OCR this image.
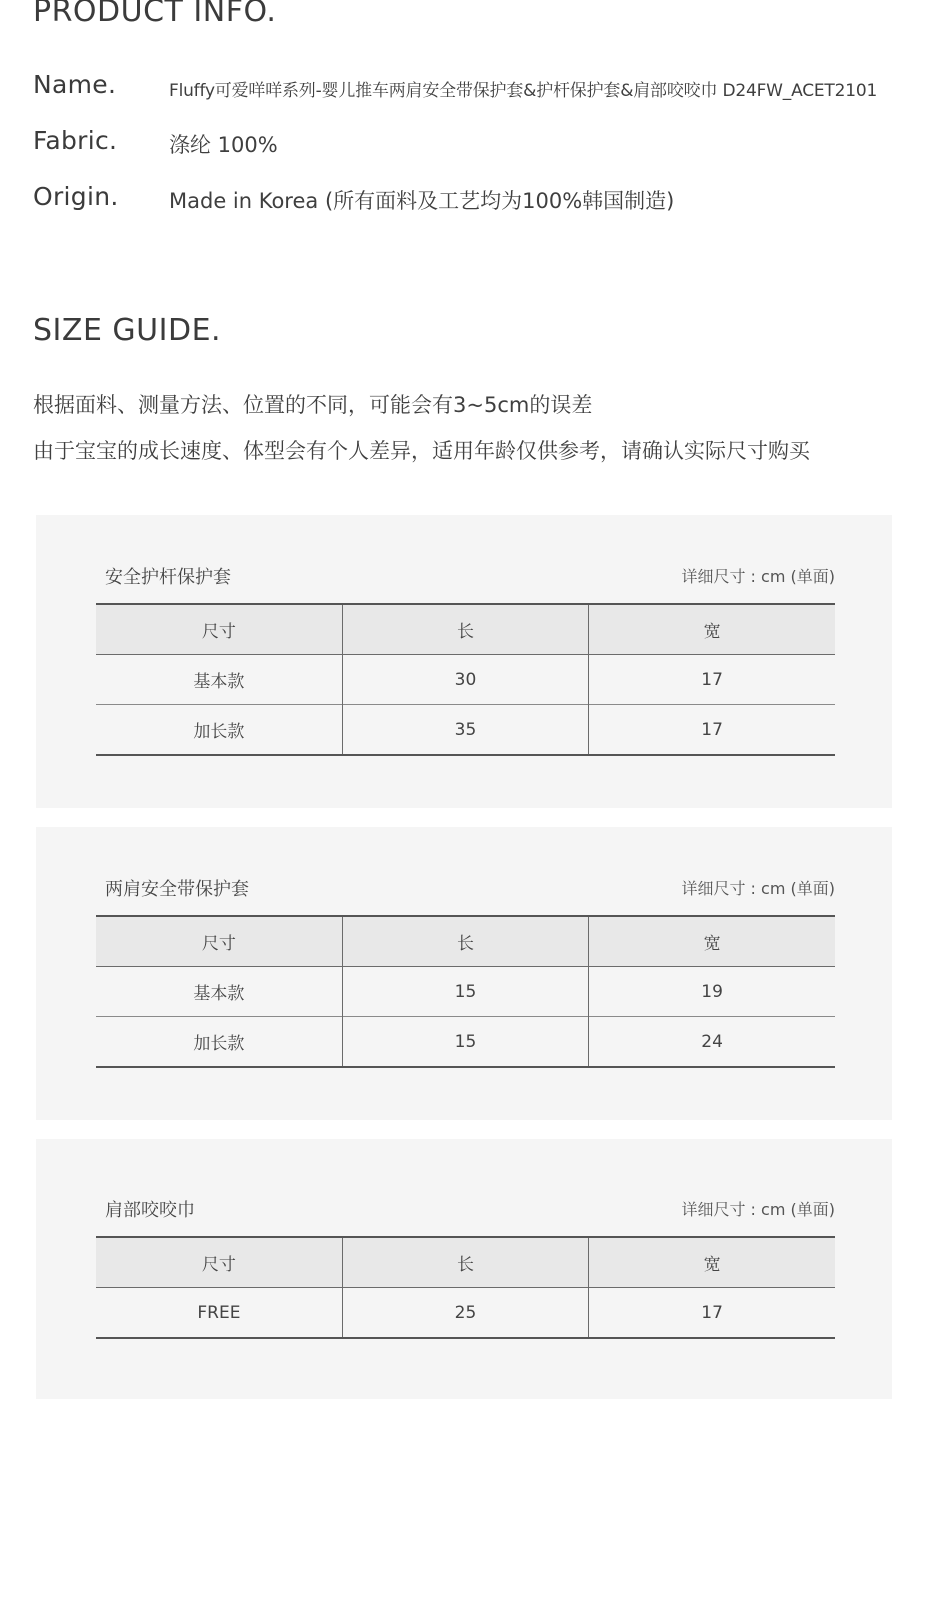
PRODUCT INFO.
Name.	Fluffy可爱咩咩系列-婴儿推车两肩安全带保护套&护杆保护套&肩部咬咬巾 D24FW_ACET2101
Fabric. 涤纶 100%
Origin. Made in Korea (所有面料及工艺均为100%韩国制造)
SIZE GUIDE.

根据面料、测量方法、位置的不同，可能会有3~5cm的误差

由于宝宝的成长速度、体型会有个人差异，适用年龄仅供参考，请确认实际尺寸购买

安全护杆保护套	详细尺寸 : cm (单面)
尺寸	长	宽
基本款	30	17
加长款	35	17
两肩安全带保护套	详细尺寸 : cm (单面)
尺寸	长	宽
基本款	15	19
加长款	15	24
肩部咬咬巾	详细尺寸 : cm (单面)
尺寸	长	宽
FREE	25	17
